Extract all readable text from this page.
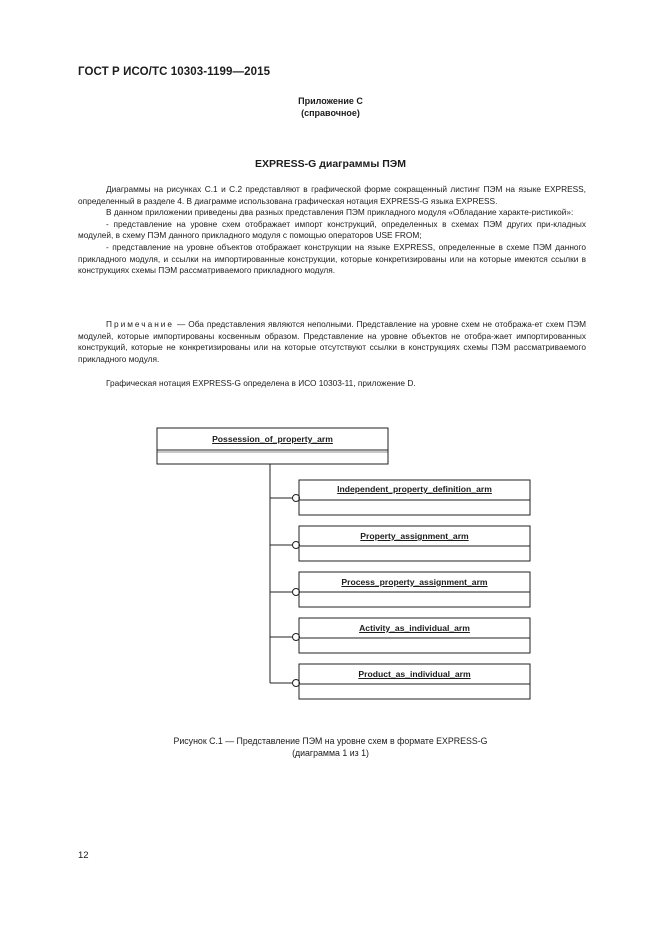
ГОСТ Р ИСО/ТС 10303-1199—2015
Приложение С
(справочное)
EXPRESS-G диаграммы ПЭМ

Диаграммы на рисунках С.1 и С.2 представляют в графической форме сокращенный листинг ПЭМ на языке EXPRESS, определенный в разделе 4. В диаграмме использована графическая нотация EXPRESS-G языка EXPRESS.

В данном приложении приведены два разных представления ПЭМ прикладного модуля «Обладание характе-ристикой»:

- представление на уровне схем отображает импорт конструкций, определенных в схемах ПЭМ других при-кладных модулей, в схему ПЭМ данного прикладного модуля с помощью операторов USE FROM;

- представление на уровне объектов отображает конструкции на языке EXPRESS, определенные в схеме ПЭМ данного прикладного модуля, и ссылки на импортированные конструкции, которые конкретизированы или на которые имеются ссылки в конструкциях схемы ПЭМ рассматриваемого прикладного модуля.

Примечание — Оба представления являются неполными. Представление на уровне схем не отобража-ет схем ПЭМ модулей, которые импортированы косвенным образом. Представление на уровне объектов не отобра-жает импортированных конструкций, которые не конкретизированы или на которые отсутствуют ссылки в конструкциях схемы ПЭМ рассматриваемого прикладного модуля.

Графическая нотация EXPRESS-G определена в ИСО 10303-11, приложение D.

Possession_of_property_arm
Independent_property_definition_arm
Property_assignment_arm
Process_property_assignment_arm
Activity_as_individual_arm
Product_as_individual_arm
Рисунок С.1 — Представление ПЭМ на уровне схем в формате EXPRESS-G
(диаграмма 1 из 1)
12
